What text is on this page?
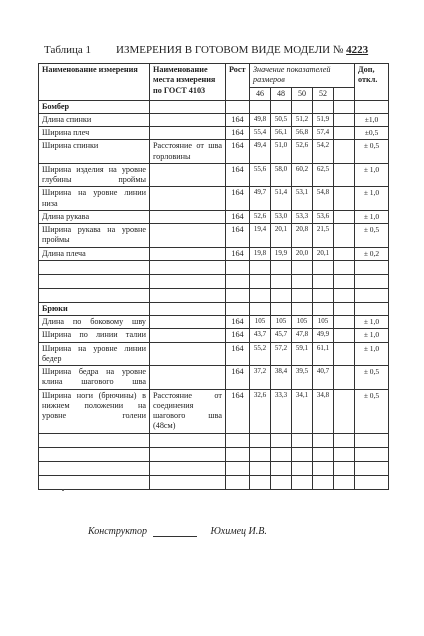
Таблица 1 ИЗМЕРЕНИЯ В ГОТОВОМ ВИДЕ МОДЕЛИ № 4223
Наименование измерения	Наименование места измерения по ГОСТ 4103	Рост	Значение показателей размеров					Доп, откл.
			46	48	50	52		
Бомбер								
Длина спинки		164	49,8	50,5	51,2	51,9		±1,0
Ширина плеч		164	55,4	56,1	56,8	57,4		±0,5
Ширина спинки	Расстояние от шва горловины	164	49,4	51,0	52,6	54,2		± 0,5
Ширина изделия на уровне глубины проймы		164	55,6	58,0	60,2	62,5		± 1,0
Ширина на уровне линии низа		164	49,7	51,4	53,1	54,8		± 1,0
Длина рукава		164	52,6	53,0	53,3	53,6		± 1,0
Ширина рукава на уровне проймы		164	19,4	20,1	20,8	21,5		± 0,5
Длина плеча		164	19,8	19,9	20,0	20,1		± 0,2

Брюки								
Длина по боковому шву		164	105	105	105	105		± 1,0
Ширина по линии талии		164	43,7	45,7	47,8	49,9		± 1,0
Ширина на уровне линии бедер		164	55,2	57,2	59,1	61,1		± 1,0
Ширина бедра на уровне клина шагового шва		164	37,2	38,4	39,5	40,7		± 0,5
Ширина ноги (брючины) в нижнем положении на уровне голени	Расстояние от соединения шагового шва (48см)	164	32,6	33,3	34,1	34,8		± 0,5

Конструктор	Юхимец И.В.
